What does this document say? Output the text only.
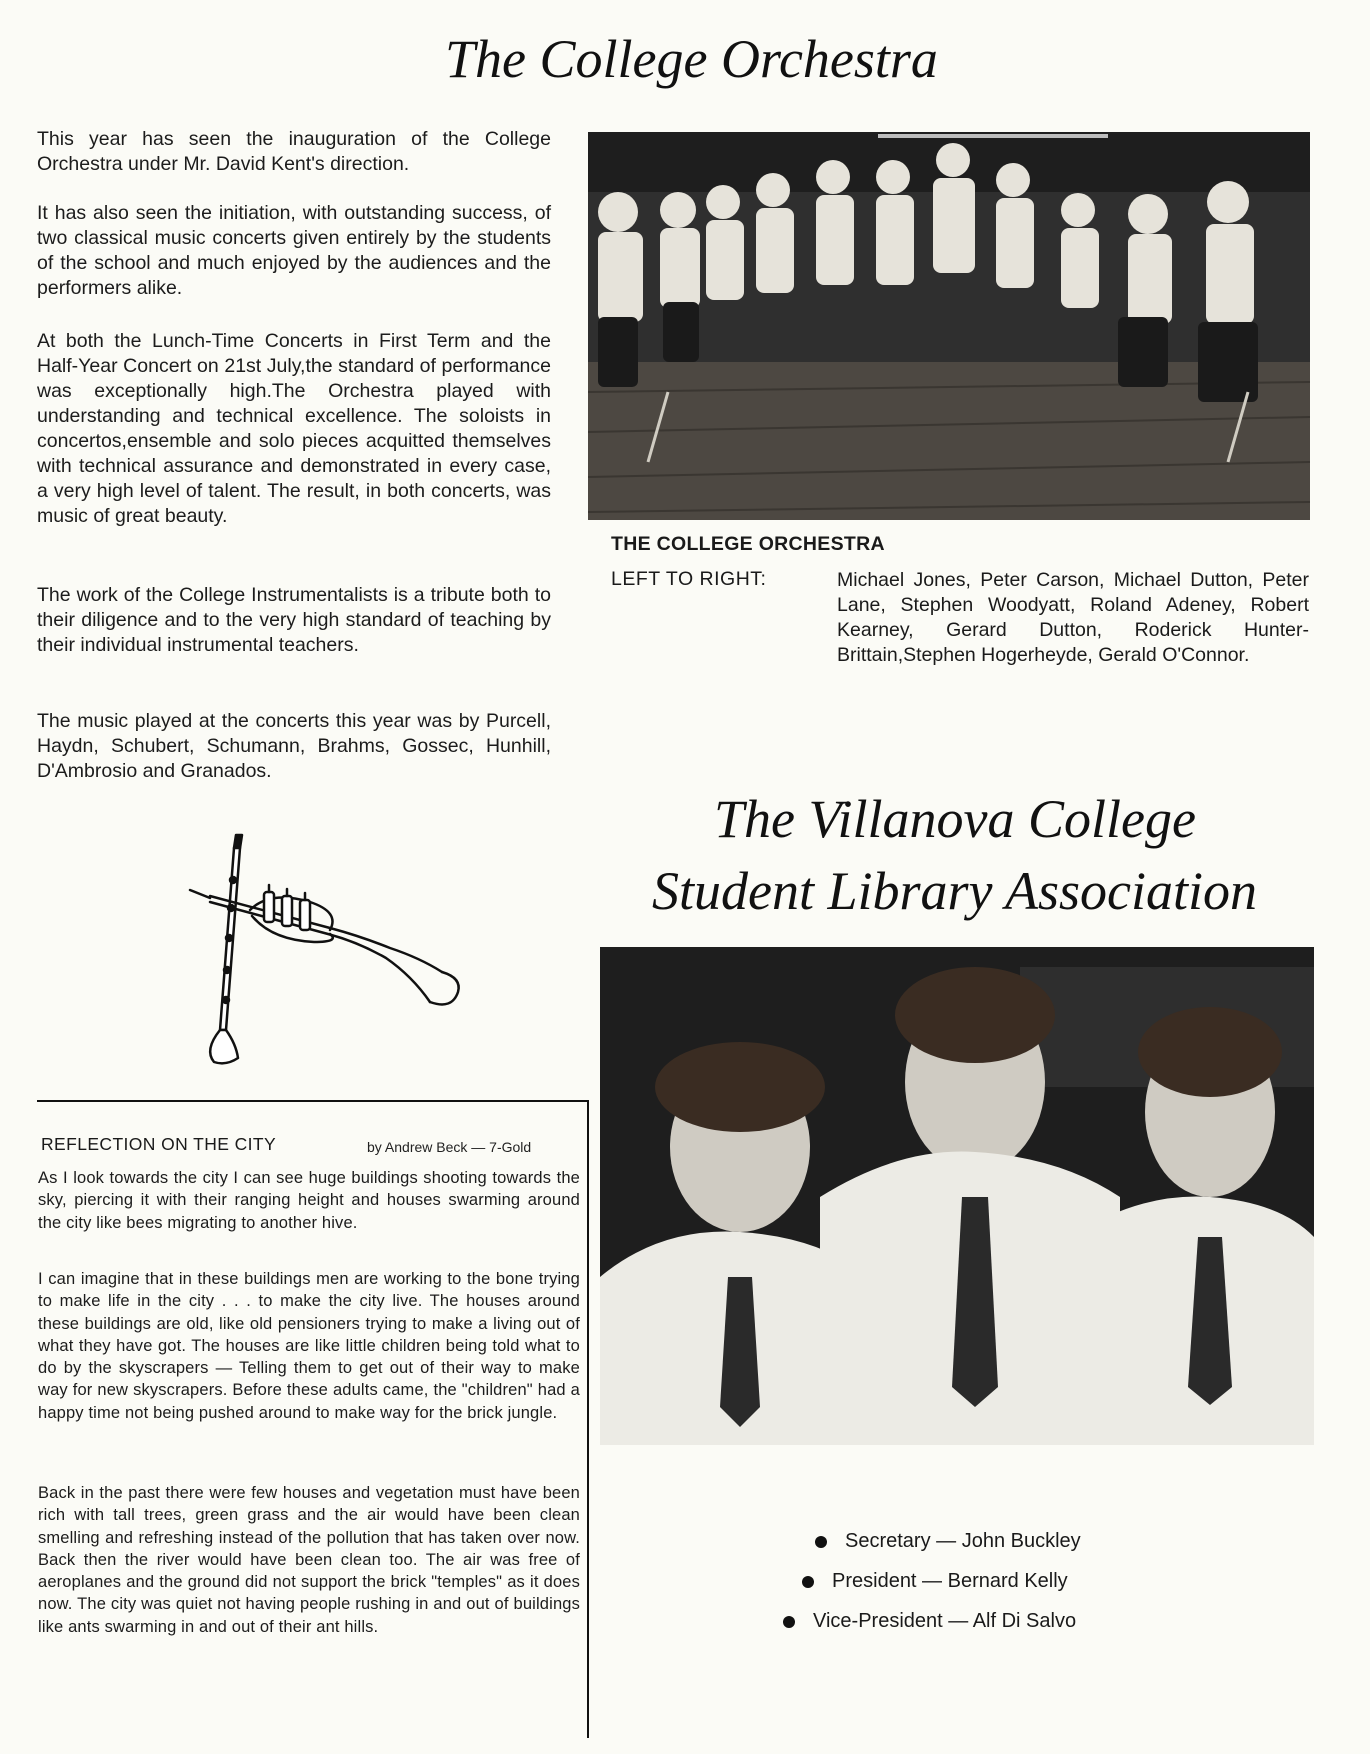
The College Orchestra

This year has seen the inauguration of the College Orchestra under Mr. David Kent's direction.

It has also seen the initiation, with outstanding success, of two classical music concerts given entirely by the students of the school and much enjoyed by the audiences and the performers alike.

At both the Lunch-Time Concerts in First Term and the Half-Year Concert on 21st July,the standard of performance was exceptionally high.The Orchestra played with understanding and technical excellence. The soloists in concertos,ensemble and solo pieces acquitted themselves with technical assurance and demonstrated in every case, a very high level of talent. The result, in both concerts, was music of great beauty.

The work of the College Instrumentalists is a tribute both to their diligence and to the very high standard of teaching by their individual instrumental teachers.

The music played at the concerts this year was by Purcell, Haydn, Schubert, Schumann, Brahms, Gossec, Hunhill, D'Ambrosio and Granados.

THE COLLEGE ORCHESTRA

LEFT TO RIGHT:	Michael Jones, Peter Carson, Michael Dutton, Peter Lane, Stephen Woodyatt, Roland Adeney, Robert Kearney, Gerard Dutton, Roderick Hunter-Brittain,Stephen Hogerheyde, Gerald O'Connor.

The Villanova College
Student Library Association

Secretary — John Buckley

President — Bernard Kelly

Vice-President — Alf Di Salvo

REFLECTION ON THE CITY	by Andrew Beck — 7-Gold

As I look towards the city I can see huge buildings shooting towards the sky, piercing it with their ranging height and houses swarming around the city like bees migrating to another hive.

I can imagine that in these buildings men are working to the bone trying to make life in the city . . . to make the city live. The houses around these buildings are old, like old pensioners trying to make a living out of what they have got. The houses are like little children being told what to do by the skyscrapers — Telling them to get out of their way to make way for new skyscrapers. Before these adults came, the "children" had a happy time not being pushed around to make way for the brick jungle.

Back in the past there were few houses and vegetation must have been rich with tall trees, green grass and the air would have been clean smelling and refreshing instead of the pollution that has taken over now. Back then the river would have been clean too. The air was free of aeroplanes and the ground did not support the brick "temples" as it does now. The city was quiet not having people rushing in and out of buildings like ants swarming in and out of their ant hills.
